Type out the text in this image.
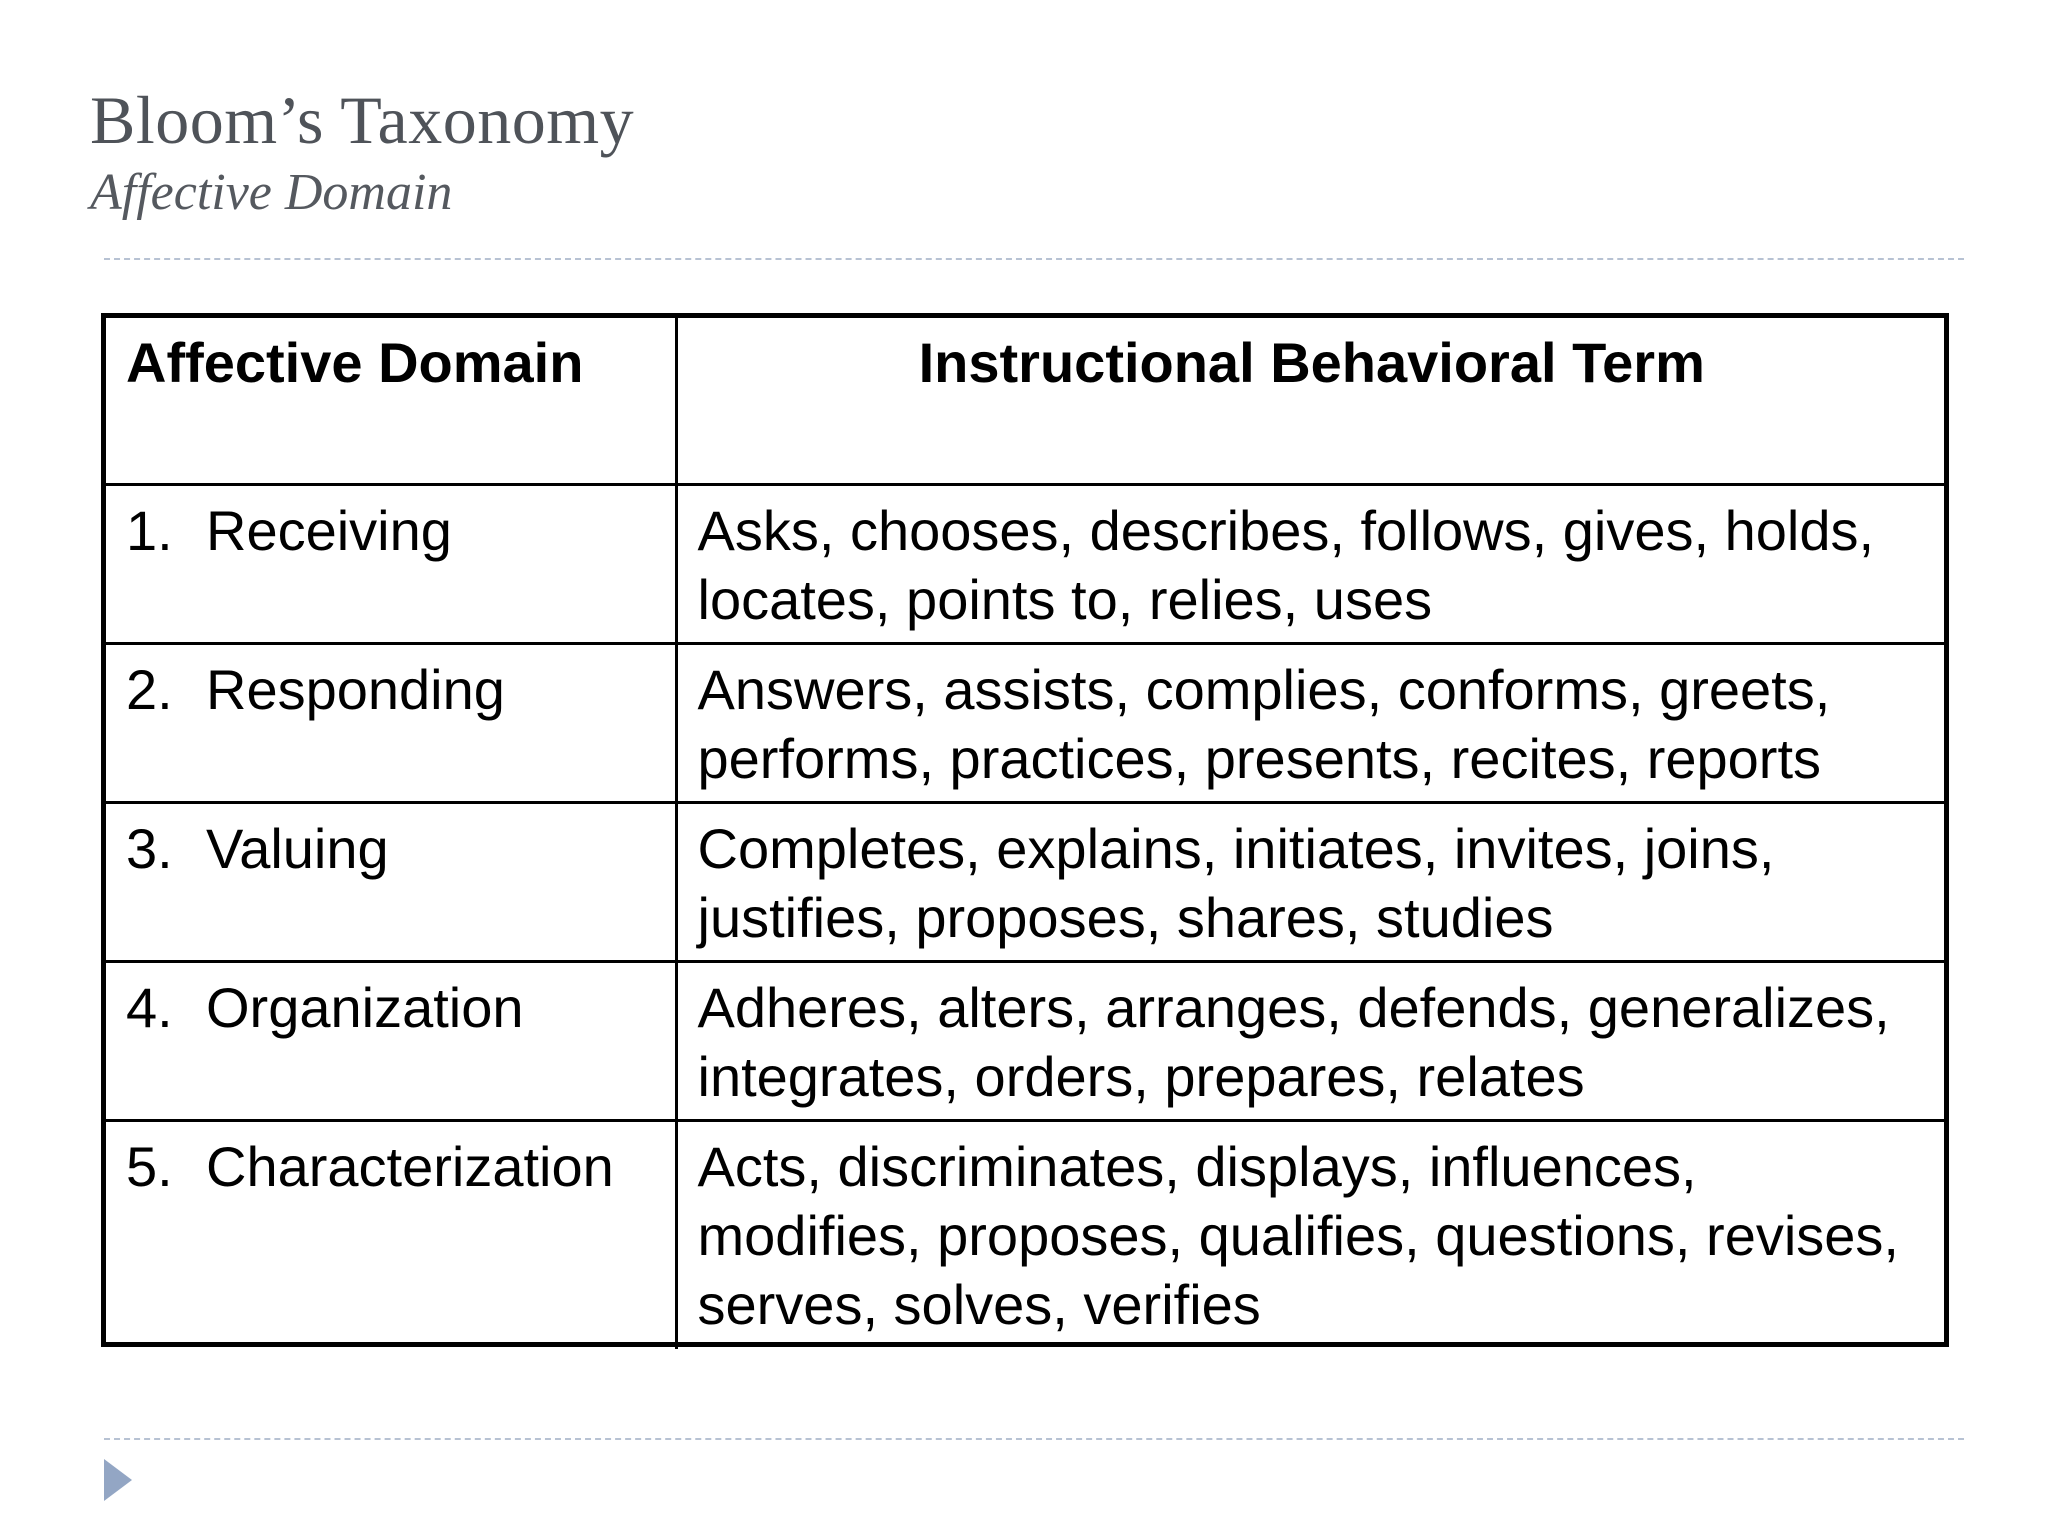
Bloom’s Taxonomy
Affective Domain
Affective Domain	Instructional Behavioral Term
1. Receiving	Asks, chooses, describes, follows, gives, holds, locates, points to, relies, uses
2. Responding	Answers, assists, complies, conforms, greets, performs, practices, presents, recites, reports
3. Valuing	Completes, explains, initiates, invites, joins, justifies, proposes, shares, studies
4. Organization	Adheres, alters, arranges, defends, generalizes, integrates, orders, prepares, relates
5. Characterization	Acts, discriminates, displays, influences, modifies, proposes, qualifies, questions, revises, serves, solves, verifies
